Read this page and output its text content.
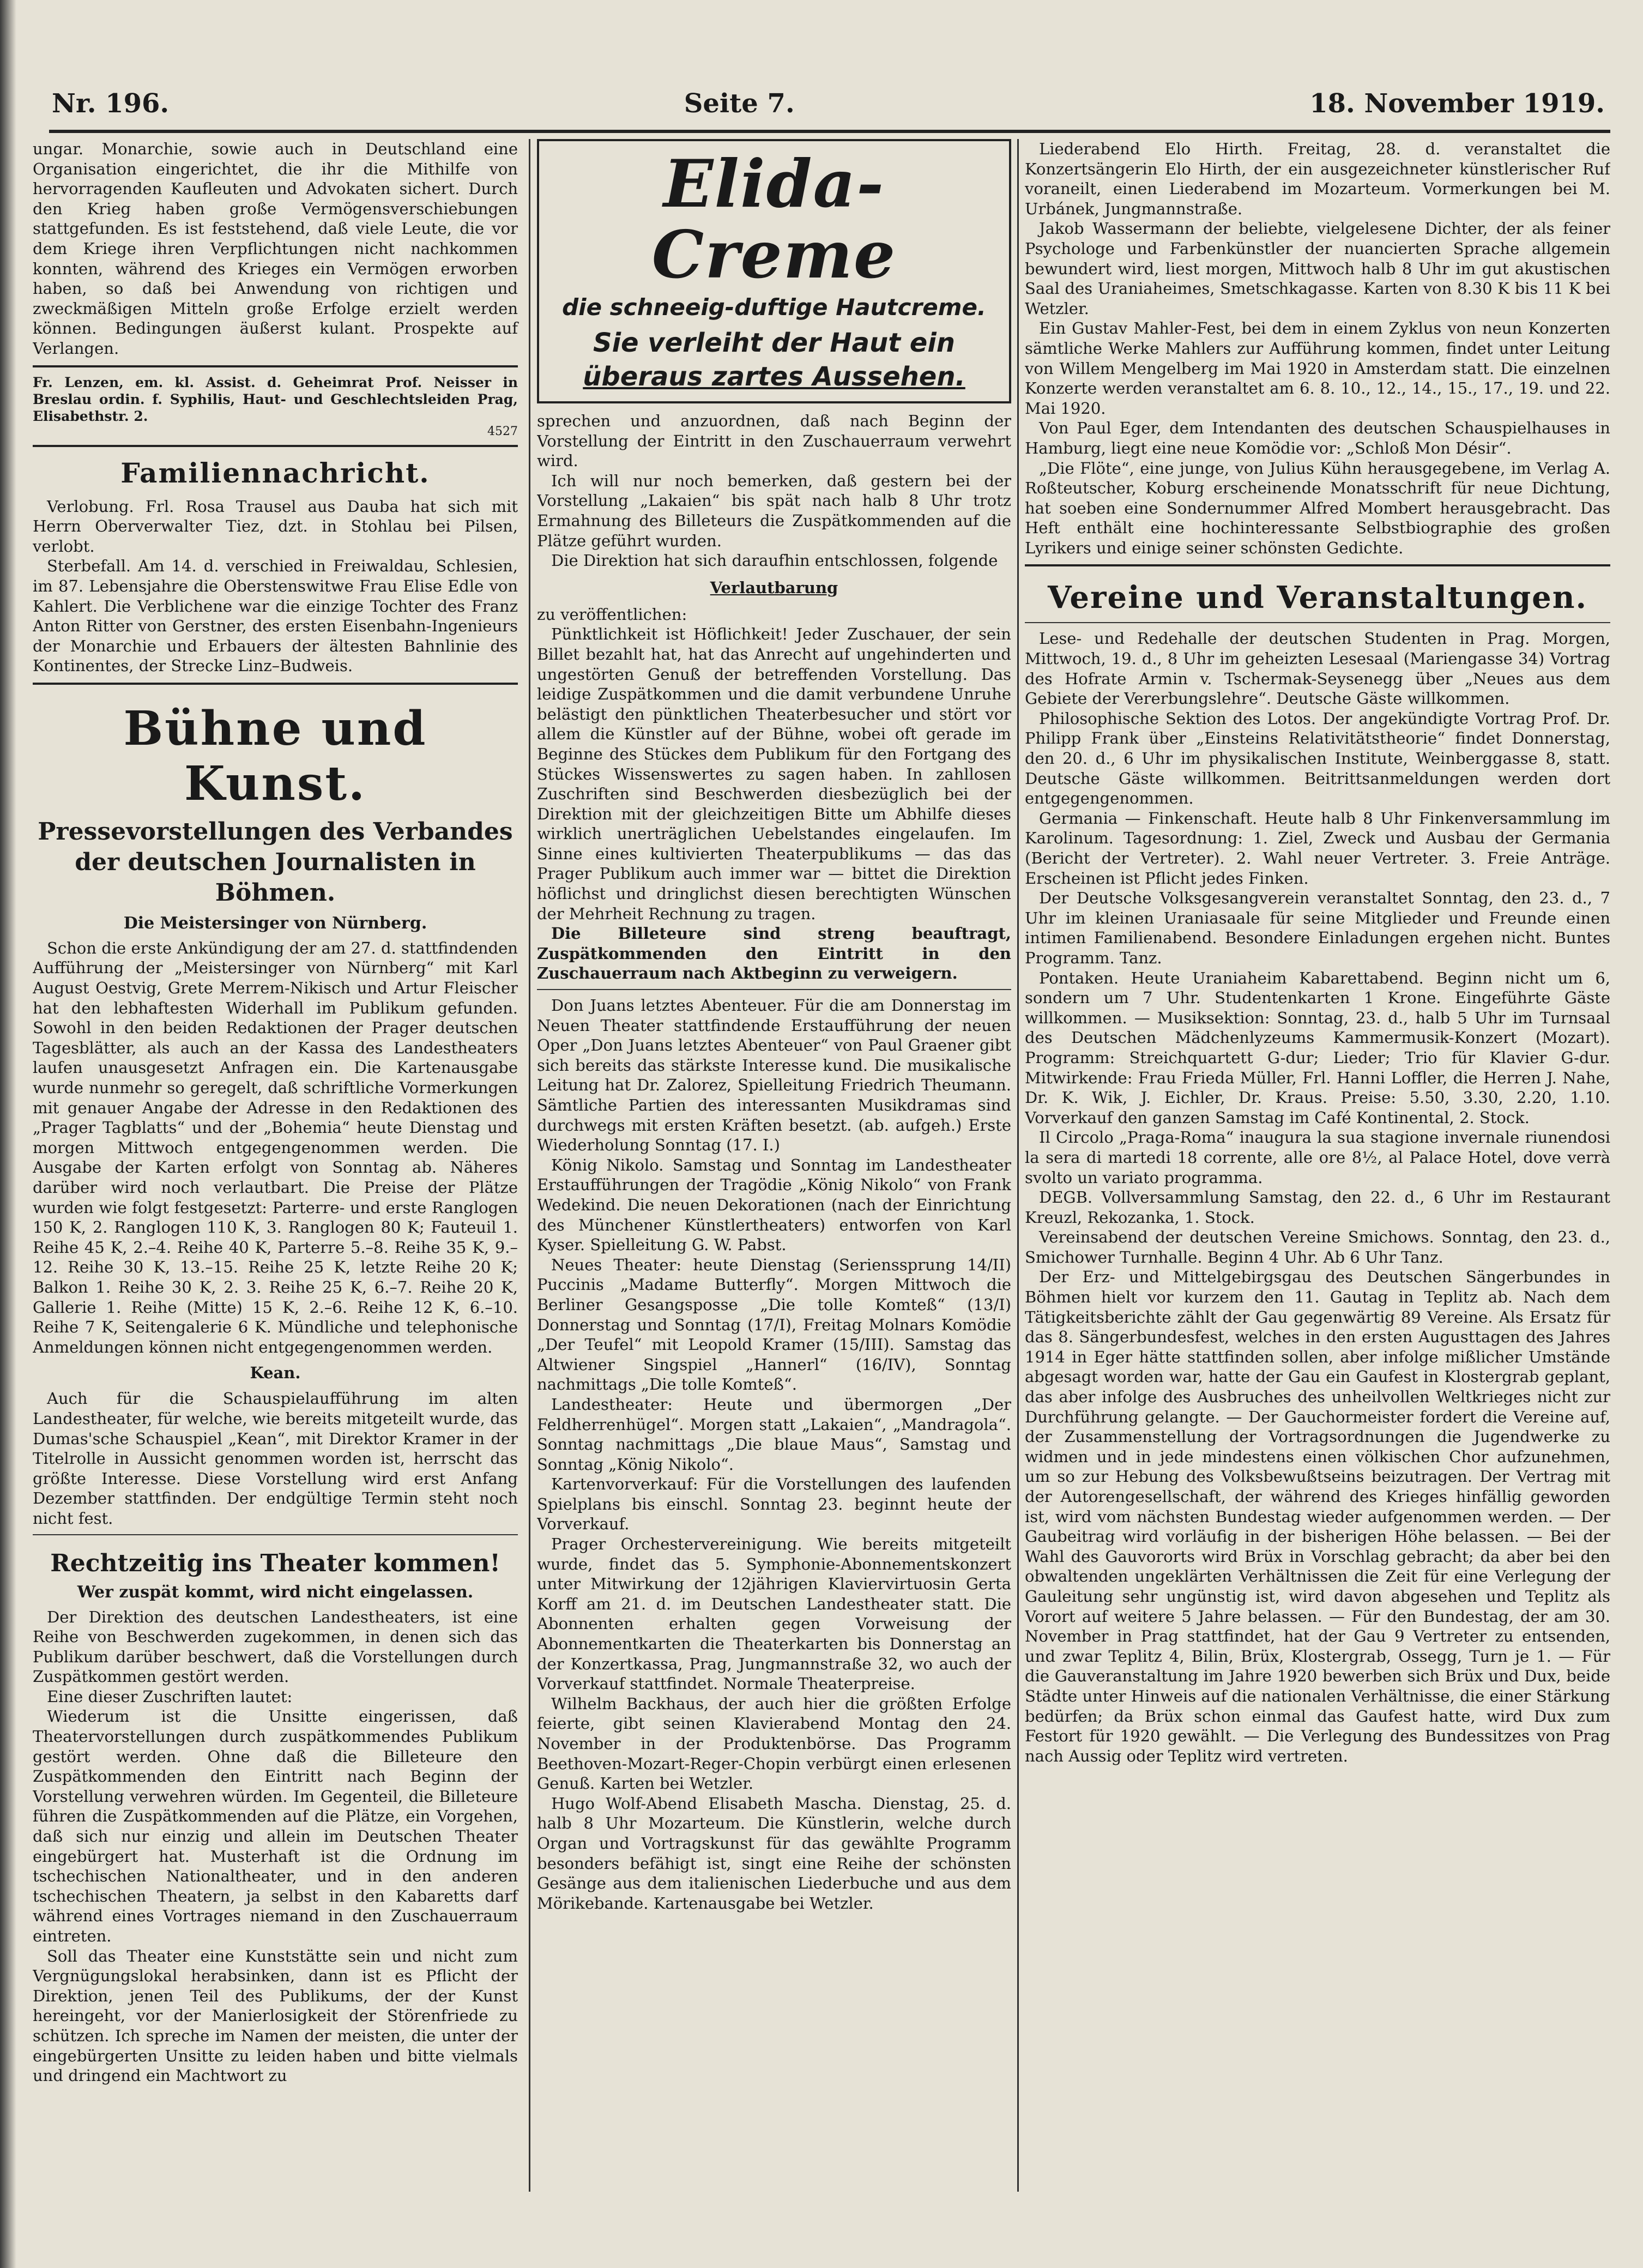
Nr. 196.	Seite 7.	18. November 1919.

ungar. Monarchie, sowie auch in Deutschland eine Organisation eingerichtet, die ihr die Mithilfe von hervorragenden Kaufleuten und Advokaten sichert. Durch den Krieg haben große Vermögensverschiebungen stattgefunden. Es ist feststehend, daß viele Leute, die vor dem Kriege ihren Verpflichtungen nicht nachkommen konnten, während des Krieges ein Vermögen erworben haben, so daß bei Anwendung von richtigen und zweckmäßigen Mitteln große Erfolge erzielt werden können. Bedingungen äußerst kulant. Prospekte auf Verlangen.

Fr. Lenzen, em. kl. Assist. d. Geheimrat Prof. Neisser in Breslau ordin. f. Syphilis, Haut- und Geschlechtsleiden Prag, Elisabethstr. 2.
4527
Familiennachricht.

Verlobung. Frl. Rosa Trausel aus Dauba hat sich mit Herrn Oberverwalter Tiez, dzt. in Stohlau bei Pilsen, verlobt.

Sterbefall. Am 14. d. verschied in Freiwaldau, Schlesien, im 87. Lebensjahre die Oberstenswitwe Frau Elise Edle von Kahlert. Die Verblichene war die einzige Tochter des Franz Anton Ritter von Gerstner, des ersten Eisenbahn-Ingenieurs der Monarchie und Erbauers der ältesten Bahnlinie des Kontinentes, der Strecke Linz–Budweis.

Bühne und Kunst.
Pressevorstellungen des Verbandes der deutschen Journalisten in Böhmen.
Die Meistersinger von Nürnberg.

Schon die erste Ankündigung der am 27. d. stattfindenden Aufführung der „Meistersinger von Nürnberg“ mit Karl August Oestvig, Grete Merrem-Nikisch und Artur Fleischer hat den lebhaftesten Widerhall im Publikum gefunden. Sowohl in den beiden Redaktionen der Prager deutschen Tagesblätter, als auch an der Kassa des Landestheaters laufen unausgesetzt Anfragen ein. Die Kartenausgabe wurde nunmehr so geregelt, daß schriftliche Vormerkungen mit genauer Angabe der Adresse in den Redaktionen des „Prager Tagblatts“ und der „Bohemia“ heute Dienstag und morgen Mittwoch entgegengenommen werden. Die Ausgabe der Karten erfolgt von Sonntag ab. Näheres darüber wird noch verlautbart. Die Preise der Plätze wurden wie folgt festgesetzt: Parterre- und erste Ranglogen 150 K, 2. Ranglogen 110 K, 3. Ranglogen 80 K; Fauteuil 1. Reihe 45 K, 2.–4. Reihe 40 K, Parterre 5.–8. Reihe 35 K, 9.–12. Reihe 30 K, 13.–15. Reihe 25 K, letzte Reihe 20 K; Balkon 1. Reihe 30 K, 2. 3. Reihe 25 K, 6.–7. Reihe 20 K, Gallerie 1. Reihe (Mitte) 15 K, 2.–6. Reihe 12 K, 6.–10. Reihe 7 K, Seitengalerie 6 K. Mündliche und telephonische Anmeldungen können nicht entgegengenommen werden.

Kean.

Auch für die Schauspielaufführung im alten Landestheater, für welche, wie bereits mitgeteilt wurde, das Dumas'sche Schauspiel „Kean“, mit Direktor Kramer in der Titelrolle in Aussicht genommen worden ist, herrscht das größte Interesse. Diese Vorstellung wird erst Anfang Dezember stattfinden. Der endgültige Termin steht noch nicht fest.

Rechtzeitig ins Theater kommen!
Wer zuspät kommt, wird nicht eingelassen.

Der Direktion des deutschen Landestheaters, ist eine Reihe von Beschwerden zugekommen, in denen sich das Publikum darüber beschwert, daß die Vorstellungen durch Zuspätkommen gestört werden.

Eine dieser Zuschriften lautet:

Wiederum ist die Unsitte eingerissen, daß Theatervorstellungen durch zuspätkommendes Publikum gestört werden. Ohne daß die Billeteure den Zuspätkommenden den Eintritt nach Beginn der Vorstellung verwehren würden. Im Gegenteil, die Billeteure führen die Zuspätkommenden auf die Plätze, ein Vorgehen, daß sich nur einzig und allein im Deutschen Theater eingebürgert hat. Musterhaft ist die Ordnung im tschechischen Nationaltheater, und in den anderen tschechischen Theatern, ja selbst in den Kabaretts darf während eines Vortrages niemand in den Zuschauerraum eintreten.

Soll das Theater eine Kunststätte sein und nicht zum Vergnügungslokal herabsinken, dann ist es Pflicht der Direktion, jenen Teil des Publikums, der der Kunst hereingeht, vor der Manierlosigkeit der Störenfriede zu schützen. Ich spreche im Namen der meisten, die unter der eingebürgerten Unsitte zu leiden haben und bitte vielmals und dringend ein Machtwort zu

Elida-Creme
die schneeig-duftige Hautcreme.
Sie verleiht der Haut ein
überaus zartes Aussehen.

sprechen und anzuordnen, daß nach Beginn der Vorstellung der Eintritt in den Zuschauerraum verwehrt wird.

Ich will nur noch bemerken, daß gestern bei der Vorstellung „Lakaien“ bis spät nach halb 8 Uhr trotz Ermahnung des Billeteurs die Zuspätkommenden auf die Plätze geführt wurden.

Die Direktion hat sich daraufhin entschlossen, folgende

Verlautbarung

zu veröffentlichen:

Pünktlichkeit ist Höflichkeit! Jeder Zuschauer, der sein Billet bezahlt hat, hat das Anrecht auf ungehinderten und ungestörten Genuß der betreffenden Vorstellung. Das leidige Zuspätkommen und die damit verbundene Unruhe belästigt den pünktlichen Theaterbesucher und stört vor allem die Künstler auf der Bühne, wobei oft gerade im Beginne des Stückes dem Publikum für den Fortgang des Stückes Wissenswertes zu sagen haben. In zahllosen Zuschriften sind Beschwerden diesbezüglich bei der Direktion mit der gleichzeitigen Bitte um Abhilfe dieses wirklich unerträglichen Uebelstandes eingelaufen. Im Sinne eines kultivierten Theaterpublikums — das das Prager Publikum auch immer war — bittet die Direktion höflichst und dringlichst diesen berechtigten Wünschen der Mehrheit Rechnung zu tragen.

Die Billeteure sind streng beauftragt, Zuspätkommenden den Eintritt in den Zuschauerraum nach Aktbeginn zu verweigern.

Don Juans letztes Abenteuer. Für die am Donnerstag im Neuen Theater stattfindende Erstaufführung der neuen Oper „Don Juans letztes Abenteuer“ von Paul Graener gibt sich bereits das stärkste Interesse kund. Die musikalische Leitung hat Dr. Zalorez, Spielleitung Friedrich Theumann. Sämtliche Partien des interessanten Musikdramas sind durchwegs mit ersten Kräften besetzt. (ab. aufgeh.) Erste Wiederholung Sonntag (17. I.)

König Nikolo. Samstag und Sonntag im Landestheater Erstaufführungen der Tragödie „König Nikolo“ von Frank Wedekind. Die neuen Dekorationen (nach der Einrichtung des Münchener Künstlertheaters) entworfen von Karl Kyser. Spielleitung G. W. Pabst.

Neues Theater: heute Dienstag (Serienssprung 14/II) Puccinis „Madame Butterfly“. Morgen Mittwoch die Berliner Gesangsposse „Die tolle Komteß“ (13/I) Donnerstag und Sonntag (17/I), Freitag Molnars Komödie „Der Teufel“ mit Leopold Kramer (15/III). Samstag das Altwiener Singspiel „Hannerl“ (16/IV), Sonntag nachmittags „Die tolle Komteß“.

Landestheater: Heute und übermorgen „Der Feldherrenhügel“. Morgen statt „Lakaien“, „Mandragola“. Sonntag nachmittags „Die blaue Maus“, Samstag und Sonntag „König Nikolo“.

Kartenvorverkauf: Für die Vorstellungen des laufenden Spielplans bis einschl. Sonntag 23. beginnt heute der Vorverkauf.

Prager Orchestervereinigung. Wie bereits mitgeteilt wurde, findet das 5. Symphonie-Abonnementskonzert unter Mitwirkung der 12jährigen Klaviervirtuosin Gerta Korff am 21. d. im Deutschen Landestheater statt. Die Abonnenten erhalten gegen Vorweisung der Abonnementkarten die Theaterkarten bis Donnerstag an der Konzertkassa, Prag, Jungmannstraße 32, wo auch der Vorverkauf stattfindet. Normale Theaterpreise.

Wilhelm Backhaus, der auch hier die größten Erfolge feierte, gibt seinen Klavierabend Montag den 24. November in der Produktenbörse. Das Programm Beethoven-Mozart-Reger-Chopin verbürgt einen erlesenen Genuß. Karten bei Wetzler.

Hugo Wolf-Abend Elisabeth Mascha. Dienstag, 25. d. halb 8 Uhr Mozarteum. Die Künstlerin, welche durch Organ und Vortragskunst für das gewählte Programm besonders befähigt ist, singt eine Reihe der schönsten Gesänge aus dem italienischen Liederbuche und aus dem Mörikebande. Kartenausgabe bei Wetzler.

Liederabend Elo Hirth. Freitag, 28. d. veranstaltet die Konzertsängerin Elo Hirth, der ein ausgezeichneter künstlerischer Ruf voraneilt, einen Liederabend im Mozarteum. Vormerkungen bei M. Urbánek, Jungmannstraße.

Jakob Wassermann der beliebte, vielgelesene Dichter, der als feiner Psychologe und Farbenkünstler der nuancierten Sprache allgemein bewundert wird, liest morgen, Mittwoch halb 8 Uhr im gut akustischen Saal des Uraniaheimes, Smetschkagasse. Karten von 8.30 K bis 11 K bei Wetzler.

Ein Gustav Mahler-Fest, bei dem in einem Zyklus von neun Konzerten sämtliche Werke Mahlers zur Aufführung kommen, findet unter Leitung von Willem Mengelberg im Mai 1920 in Amsterdam statt. Die einzelnen Konzerte werden veranstaltet am 6. 8. 10., 12., 14., 15., 17., 19. und 22. Mai 1920.

Von Paul Eger, dem Intendanten des deutschen Schauspielhauses in Hamburg, liegt eine neue Komödie vor: „Schloß Mon Désir“.

„Die Flöte“, eine junge, von Julius Kühn herausgegebene, im Verlag A. Roßteutscher, Koburg erscheinende Monatsschrift für neue Dichtung, hat soeben eine Sondernummer Alfred Mombert herausgebracht. Das Heft enthält eine hochinteressante Selbstbiographie des großen Lyrikers und einige seiner schönsten Gedichte.

Vereine und Veranstaltungen.

Lese- und Redehalle der deutschen Studenten in Prag. Morgen, Mittwoch, 19. d., 8 Uhr im geheizten Lesesaal (Mariengasse 34) Vortrag des Hofrate Armin v. Tschermak-Seysenegg über „Neues aus dem Gebiete der Vererbungslehre“. Deutsche Gäste willkommen.

Philosophische Sektion des Lotos. Der angekündigte Vortrag Prof. Dr. Philipp Frank über „Einsteins Relativitätstheorie“ findet Donnerstag, den 20. d., 6 Uhr im physikalischen Institute, Weinberggasse 8, statt. Deutsche Gäste willkommen. Beitrittsanmeldungen werden dort entgegengenommen.

Germania — Finkenschaft. Heute halb 8 Uhr Finkenversammlung im Karolinum. Tagesordnung: 1. Ziel, Zweck und Ausbau der Germania (Bericht der Vertreter). 2. Wahl neuer Vertreter. 3. Freie Anträge. Erscheinen ist Pflicht jedes Finken.

Der Deutsche Volksgesangverein veranstaltet Sonntag, den 23. d., 7 Uhr im kleinen Uraniasaale für seine Mitglieder und Freunde einen intimen Familienabend. Besondere Einladungen ergehen nicht. Buntes Programm. Tanz.

Pontaken. Heute Uraniaheim Kabarettabend. Beginn nicht um 6, sondern um 7 Uhr. Studentenkarten 1 Krone. Eingeführte Gäste willkommen. — Musiksektion: Sonntag, 23. d., halb 5 Uhr im Turnsaal des Deutschen Mädchenlyzeums Kammermusik-Konzert (Mozart). Programm: Streichquartett G-dur; Lieder; Trio für Klavier G-dur. Mitwirkende: Frau Frieda Müller, Frl. Hanni Loffler, die Herren J. Nahe, Dr. K. Wik, J. Eichler, Dr. Kraus. Preise: 5.50, 3.30, 2.20, 1.10. Vorverkauf den ganzen Samstag im Café Kontinental, 2. Stock.

Il Circolo „Praga-Roma“ inaugura la sua stagione invernale riunendosi la sera di martedi 18 corrente, alle ore 8½, al Palace Hotel, dove verrà svolto un variato programma.

DEGB. Vollversammlung Samstag, den 22. d., 6 Uhr im Restaurant Kreuzl, Rekozanka, 1. Stock.

Vereinsabend der deutschen Vereine Smichows. Sonntag, den 23. d., Smichower Turnhalle. Beginn 4 Uhr. Ab 6 Uhr Tanz.

Der Erz- und Mittelgebirgsgau des Deutschen Sängerbundes in Böhmen hielt vor kurzem den 11. Gautag in Teplitz ab. Nach dem Tätigkeitsberichte zählt der Gau gegenwärtig 89 Vereine. Als Ersatz für das 8. Sängerbundesfest, welches in den ersten Augusttagen des Jahres 1914 in Eger hätte stattfinden sollen, aber infolge mißlicher Umstände abgesagt worden war, hatte der Gau ein Gaufest in Klostergrab geplant, das aber infolge des Ausbruches des unheilvollen Weltkrieges nicht zur Durchführung gelangte. — Der Gauchormeister fordert die Vereine auf, der Zusammenstellung der Vortragsordnungen die Jugendwerke zu widmen und in jede mindestens einen völkischen Chor aufzunehmen, um so zur Hebung des Volksbewußtseins beizutragen. Der Vertrag mit der Autorengesellschaft, der während des Krieges hinfällig geworden ist, wird vom nächsten Bundestag wieder aufgenommen werden. — Der Gaubeitrag wird vorläufig in der bisherigen Höhe belassen. — Bei der Wahl des Gauvororts wird Brüx in Vorschlag gebracht; da aber bei den obwaltenden ungeklärten Verhältnissen die Zeit für eine Verlegung der Gauleitung sehr ungünstig ist, wird davon abgesehen und Teplitz als Vorort auf weitere 5 Jahre belassen. — Für den Bundestag, der am 30. November in Prag stattfindet, hat der Gau 9 Vertreter zu entsenden, und zwar Teplitz 4, Bilin, Brüx, Klostergrab, Ossegg, Turn je 1. — Für die Gauveranstaltung im Jahre 1920 bewerben sich Brüx und Dux, beide Städte unter Hinweis auf die nationalen Verhältnisse, die einer Stärkung bedürfen; da Brüx schon einmal das Gaufest hatte, wird Dux zum Festort für 1920 gewählt. — Die Verlegung des Bundessitzes von Prag nach Aussig oder Teplitz wird vertreten.
